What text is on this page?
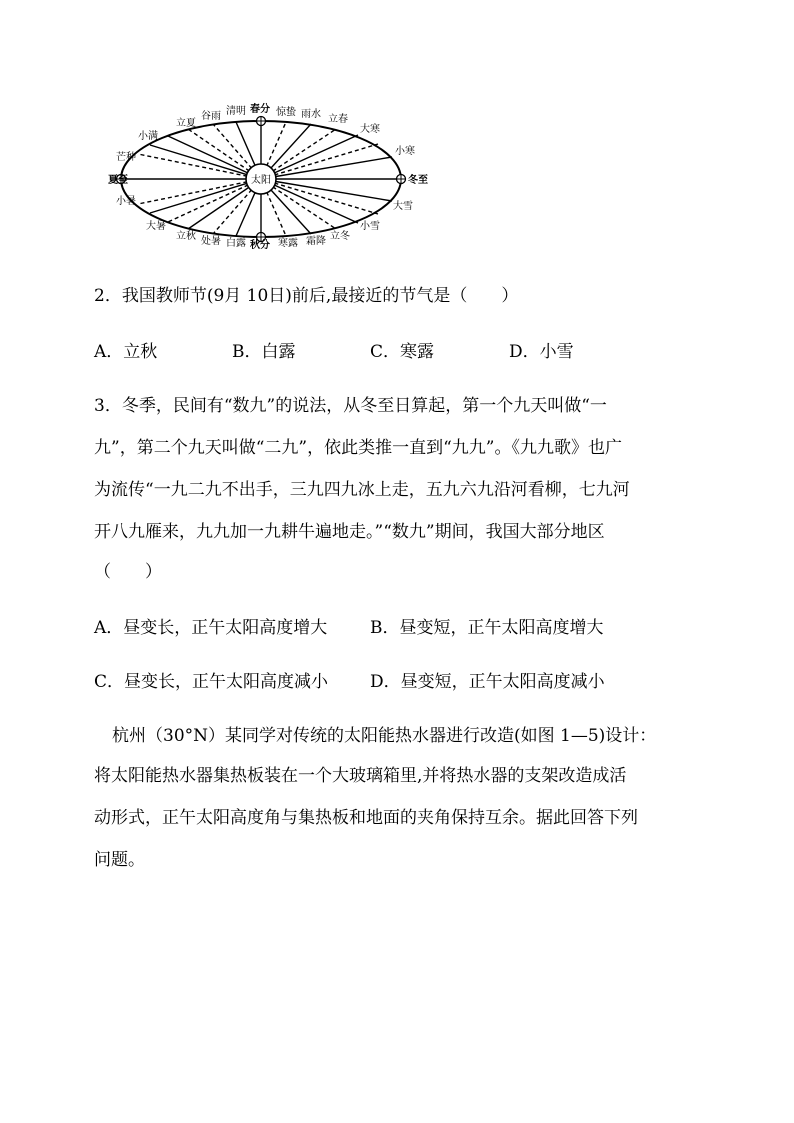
太阳
春分 惊蛰 雨水 立春
大寒
小寒
冬至
大雪
小雪
立冬
霜降
寒露
秋分
白露
处暑
立秋
大暑
小暑
夏至
芒种
小满
立夏
谷雨 清明
2．我国教师节(9月 10日)前后,最接近的节气是（　　）
A．立秋	B．白露	C．寒露	D．小雪
3．冬季，民间有“数九”的说法，从冬至日算起，第一个九天叫做“一
九”，第二个九天叫做“二九”，依此类推一直到“九九”。《九九歌》也广
为流传“一九二九不出手，三九四九冰上走，五九六九沿河看柳，七九河
开八九雁来，九九加一九耕牛遍地走。”“数九”期间，我国大部分地区
（　　）
A．昼变长，正午太阳高度增大	B．昼变短，正午太阳高度增大
C．昼变长，正午太阳高度减小 D．昼变短，正午太阳高度减小
杭州（30°N）某同学对传统的太阳能热水器进行改造(如图 1—5)设计：
将太阳能热水器集热板装在一个大玻璃箱里,并将热水器的支架改造成活
动形式，正午太阳高度角与集热板和地面的夹角保持互余。据此回答下列
问题。
